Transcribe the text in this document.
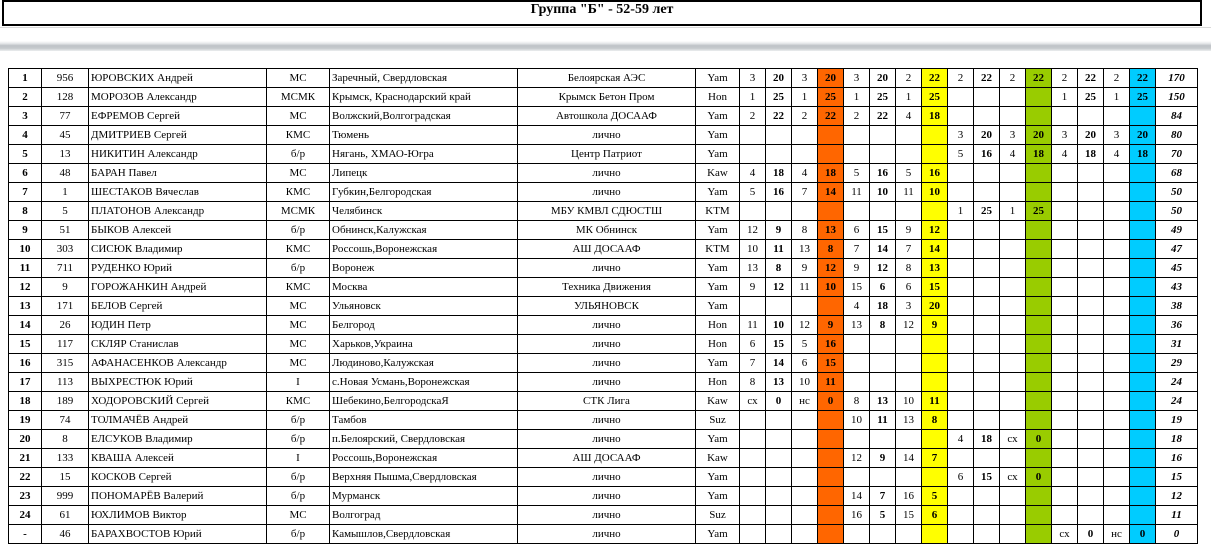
Группа "Б" - 52-59 лет
1	956	ЮРОВСКИХ Андрей	МС	Заречный, Свердловская	Белоярская АЭС	Yam	3	20	3	20	3	20	2	22	2	22	2	22	2	22	2	22	170
2	128	МОРОЗОВ Александр	МСМК	Крымск, Краснодарский край	Крымск Бетон Пром	Hon	1	25	1	25	1	25	1	25					1	25	1	25	150
3	77	ЕФРЕМОВ Сергей	МС	Волжский,Волгоградская	Автошкола ДОСААФ	Yam	2	22	2	22	2	22	4	18									84
4	45	ДМИТРИЕВ Сергей	КМС	Тюмень	лично	Yam									3	20	3	20	3	20	3	20	80
5	13	НИКИТИН Александр	б/р	Нягань, ХМАО-Югра	Центр Патриот	Yam									5	16	4	18	4	18	4	18	70
6	48	БАРАН Павел	МС	Липецк	лично	Kaw	4	18	4	18	5	16	5	16									68
7	1	ШЕСТАКОВ Вячеслав	КМС	Губкин,Белгородская	лично	Yam	5	16	7	14	11	10	11	10									50
8	5	ПЛАТОНОВ Александр	МСМК	Челябинск	МБУ КМВЛ СДЮСТШ	KTM									1	25	1	25					50
9	51	БЫКОВ Алексей	б/р	Обнинск,Калужская	МК Обнинск	Yam	12	9	8	13	6	15	9	12									49
10	303	СИСЮК Владимир	КМС	Россошь,Воронежская	АШ ДОСААФ	KTM	10	11	13	8	7	14	7	14									47
11	711	РУДЕНКО Юрий	б/р	Воронеж	лично	Yam	13	8	9	12	9	12	8	13									45
12	9	ГОРОЖАНКИН Андрей	КМС	Москва	Техника Движения	Yam	9	12	11	10	15	6	6	15									43
13	171	БЕЛОВ Сергей	МС	Ульяновск	УЛЬЯНОВСК	Yam					4	18	3	20									38
14	26	ЮДИН Петр	МС	Белгород	лично	Hon	11	10	12	9	13	8	12	9									36
15	117	СКЛЯР Станислав	МС	Харьков,Украина	лично	Hon	6	15	5	16													31
16	315	АФАНАСЕНКОВ Александр	МС	Людиново,Калужская	лично	Yam	7	14	6	15													29
17	113	ВЫХРЕСТЮК Юрий	I	с.Новая Усмань,Воронежская	лично	Hon	8	13	10	11													24
18	189	ХОДОРОВСКИЙ Сергей	КМС	Шебекино,БелгородскаЯ	СТК Лига	Kaw	сх	0	нс	0	8	13	10	11									24
19	74	ТОЛМАЧЁВ Андрей	б/р	Тамбов	лично	Suz					10	11	13	8									19
20	8	ЕЛСУКОВ Владимир	б/р	п.Белоярский, Свердловская	лично	Yam									4	18	сх	0					18
21	133	КВАША Алексей	I	Россошь,Воронежская	АШ ДОСААФ	Kaw					12	9	14	7									16
22	15	КОСКОВ Сергей	б/р	Верхняя Пышма,Свердловская	лично	Yam									6	15	сх	0					15
23	999	ПОНОМАРЁВ Валерий	б/р	Мурманск	лично	Yam					14	7	16	5									12
24	61	ЮХЛИМОВ Виктор	МС	Волгоград	лично	Suz					16	5	15	6									11
-	46	БАРАХВОСТОВ Юрий	б/р	Камышлов,Свердловская	лично	Yam													сх	0	нс	0	0
